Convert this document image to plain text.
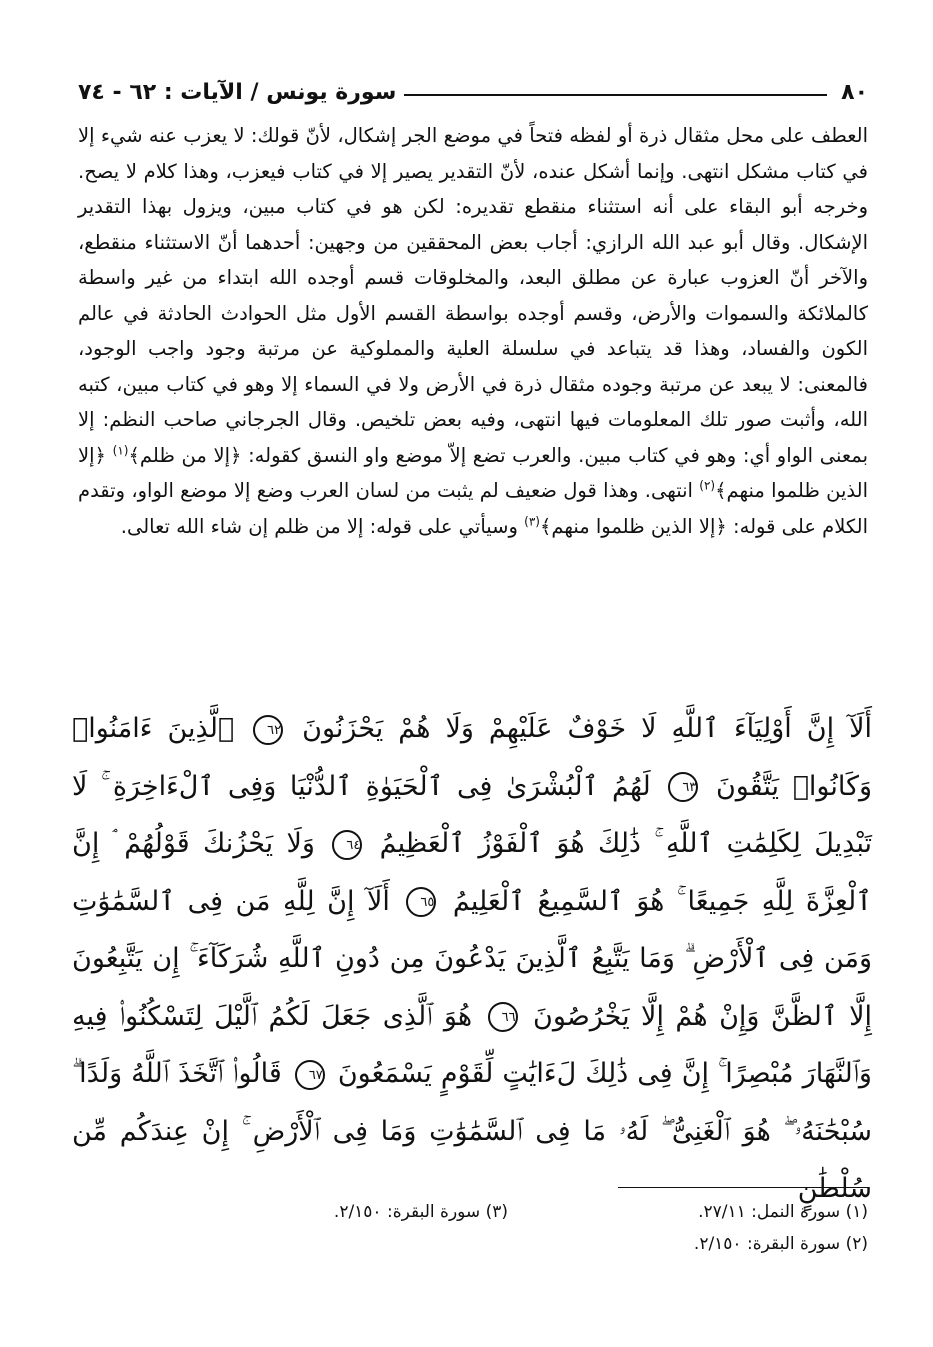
٨٠
سورة يونس / الآيات : ٦٢ - ٧٤

العطف على محل مثقال ذرة أو لفظه فتحاً في موضع الجر إشكال، لأنّ قولك: لا يعزب عنه شيء إلا في كتاب مشكل انتهى. وإنما أشكل عنده، لأنّ التقدير يصير إلا في كتاب فيعزب، وهذا كلام لا يصح. وخرجه أبو البقاء على أنه استثناء منقطع تقديره: لكن هو في كتاب مبين، ويزول بهذا التقدير الإشكال. وقال أبو عبد الله الرازي: أجاب بعض المحققين من وجهين: أحدهما أنّ الاستثناء منقطع، والآخر أنّ العزوب عبارة عن مطلق البعد، والمخلوقات قسم أوجده الله ابتداء من غير واسطة كالملائكة والسموات والأرض، وقسم أوجده بواسطة القسم الأول مثل الحوادث الحادثة في عالم الكون والفساد، وهذا قد يتباعد في سلسلة العلية والمملوكية عن مرتبة وجود واجب الوجود، فالمعنى: لا يبعد عن مرتبة وجوده مثقال ذرة في الأرض ولا في السماء إلا وهو في كتاب مبين، كتبه الله، وأثبت صور تلك المعلومات فيها انتهى، وفيه بعض تلخيص. وقال الجرجاني صاحب النظم: إلا بمعنى الواو أي: وهو في كتاب مبين. والعرب تضع إلاّ موضع واو النسق كقوله: ﴿إلا من ظلم﴾$^{(١)}$ ﴿إلا الذين ظلموا منهم﴾$^{(٢)}$ انتهى. وهذا قول ضعيف لم يثبت من لسان العرب وضع إلا موضع الواو، وتقدم الكلام على قوله: ﴿إلا الذين ظلموا منهم﴾$^{(٣)}$ وسيأتي على قوله: إلا من ظلم إن شاء الله تعالى.

أَلَآ إِنَّ أَوْلِيَآءَ ٱللَّهِ لَا خَوْفٌ عَلَيْهِمْ وَلَا هُمْ يَحْزَنُونَ ٦٢ ٱلَّذِينَ ءَامَنُوا۟ وَكَانُوا۟ يَتَّقُونَ ٦٣ لَهُمُ ٱلْبُشْرَىٰ فِى ٱلْحَيَوٰةِ ٱلدُّنْيَا وَفِى ٱلْءَاخِرَةِ ۚ لَا تَبْدِيلَ لِكَلِمَٰتِ ٱللَّهِ ۚ ذَٰلِكَ هُوَ ٱلْفَوْزُ ٱلْعَظِيمُ ٦٤ وَلَا يَحْزُنكَ قَوْلُهُمْ ۘ إِنَّ ٱلْعِزَّةَ لِلَّهِ جَمِيعًا ۚ هُوَ ٱلسَّمِيعُ ٱلْعَلِيمُ ٦٥ أَلَآ إِنَّ لِلَّهِ مَن فِى ٱلسَّمَٰوَٰتِ وَمَن فِى ٱلْأَرْضِ ۗ وَمَا يَتَّبِعُ ٱلَّذِينَ يَدْعُونَ مِن دُونِ ٱللَّهِ شُرَكَآءَ ۚ إِن يَتَّبِعُونَ إِلَّا ٱلظَّنَّ وَإِنْ هُمْ إِلَّا يَخْرُصُونَ ٦٦ هُوَ ٱلَّذِى جَعَلَ لَكُمُ ٱلَّيْلَ لِتَسْكُنُوا۟ فِيهِ وَٱلنَّهَارَ مُبْصِرًا ۚ إِنَّ فِى ذَٰلِكَ لَءَايَٰتٍ لِّقَوْمٍ يَسْمَعُونَ ٦٧ قَالُوا۟ ٱتَّخَذَ ٱللَّهُ وَلَدًا ۗ سُبْحَٰنَهُۥ ۖ هُوَ ٱلْغَنِىُّ ۖ لَهُۥ مَا فِى ٱلسَّمَٰوَٰتِ وَمَا فِى ٱلْأَرْضِ ۚ إِنْ عِندَكُم مِّن سُلْطَٰنٍ

(١) سورة النمل: ٢٧/١١.
(٣) سورة البقرة: ٢/١٥٠.
(٢) سورة البقرة: ٢/١٥٠.
